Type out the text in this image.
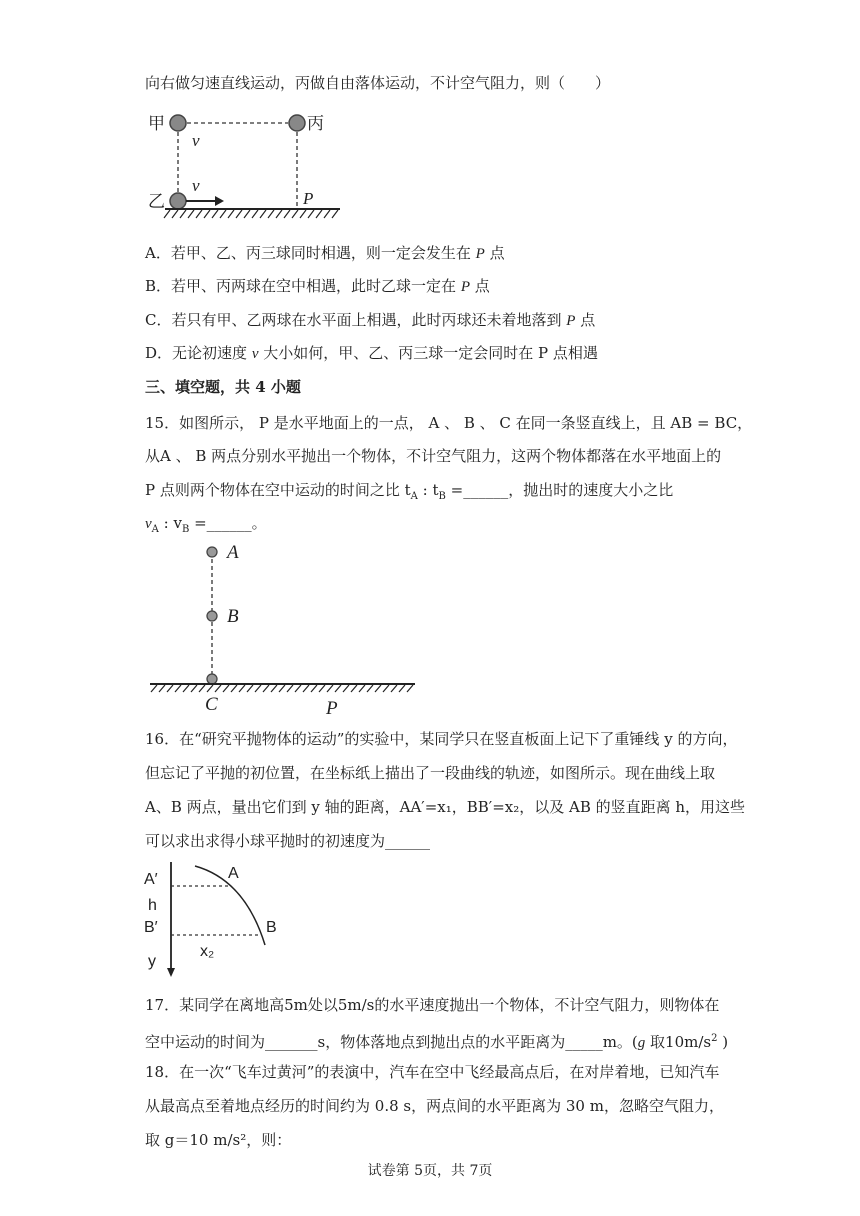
向右做匀速直线运动，丙做自由落体运动，不计空气阻力，则（　　）
甲	丙
乙
v
v
P
A．若甲、乙、丙三球同时相遇，则一定会发生在 P 点
B．若甲、丙两球在空中相遇，此时乙球一定在 P 点
C．若只有甲、乙两球在水平面上相遇，此时丙球还未着地落到 P 点
D．无论初速度 v 大小如何，甲、乙、丙三球一定会同时在 P 点相遇
三、填空题，共 4 小题
15．如图所示， P 是水平地面上的一点， A 、 B 、 C 在同一条竖直线上，且 AB = BC，
从A 、 B 两点分别水平抛出一个物体，不计空气阻力，这两个物体都落在水平地面上的
P 点则两个物体在空中运动的时间之比 $t_A$ : $t_B$ =______，抛出时的速度大小之比
$v_A$ : $v_B$ =______。
A
B
C	P
16．在“研究平抛物体的运动”的实验中，某同学只在竖直板面上记下了重锤线 y 的方向，
但忘记了平抛的初位置，在坐标纸上描出了一段曲线的轨迹，如图所示。现在曲线上取
A、B 两点，量出它们到 y 轴的距离，AA′=x₁，BB′=x₂，以及 AB 的竖直距离 h，用这些
可以求出求得小球平抛时的初速度为______
A′
h
B′
y
A
B
x₂
17．某同学在离地高5m处以5m/s的水平速度抛出一个物体，不计空气阻力，则物体在
空中运动的时间为_______s，物体落地点到抛出点的水平距离为_____m。(g 取$10m/s^2$ )
18．在一次“飞车过黄河”的表演中，汽车在空中飞经最高点后，在对岸着地，已知汽车
从最高点至着地点经历的时间约为 0.8 s，两点间的水平距离为 30 m，忽略空气阻力，
取 g＝10 m/s²，则：
试卷第 5页，共 7页
